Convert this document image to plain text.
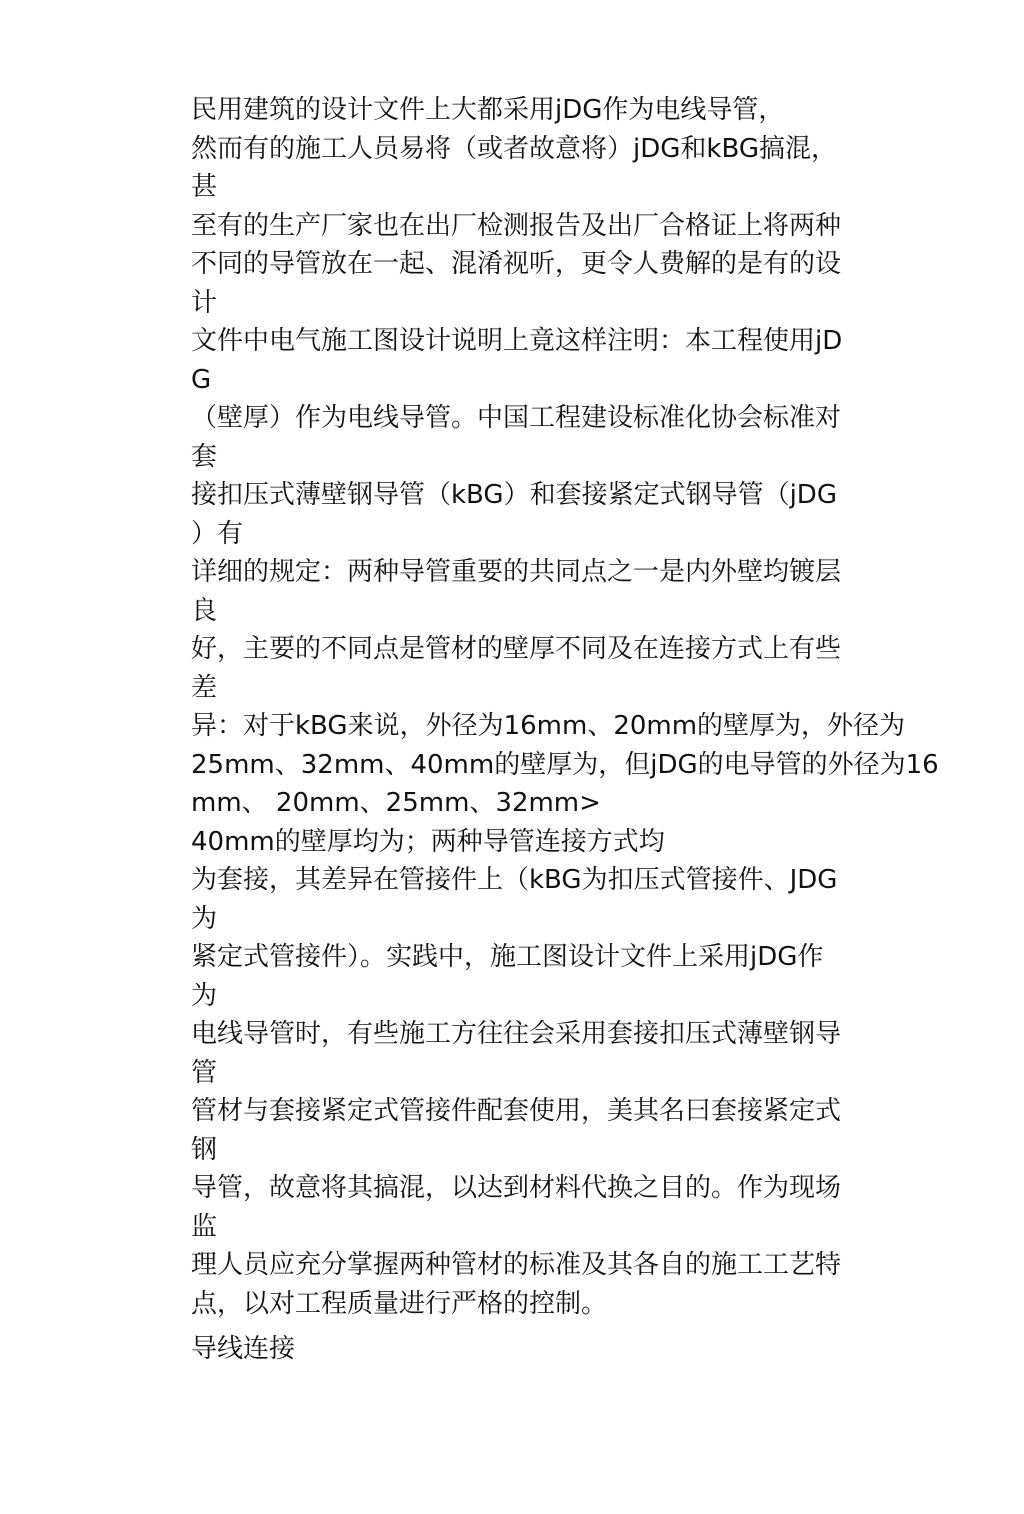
民用建筑的设计文件上大都采用jDG作为电线导管，
然而有的施工人员易将（或者故意将）jDG和kBG搞混，
甚
至有的生产厂家也在出厂检测报告及出厂合格证上将两种
不同的导管放在一起、混淆视听，更令人费解的是有的设
计
文件中电气施工图设计说明上竟这样注明：本工程使用jD
G
（壁厚）作为电线导管。中国工程建设标准化协会标准对
套
接扣压式薄壁钢导管（kBG）和套接紧定式钢导管（jDG
）有
详细的规定：两种导管重要的共同点之一是内外壁均镀层
良
好，主要的不同点是管材的壁厚不同及在连接方式上有些
差
异：对于kBG来说，外径为16mm、20mm的壁厚为，外径为
25mm、32mm、40mm的壁厚为，但jDG的电导管的外径为16
mm、 20mm、25mm、32mm>
40mm的壁厚均为；两种导管连接方式均
为套接，其差异在管接件上（kBG为扣压式管接件、JDG
为
紧定式管接件）。实践中，施工图设计文件上采用jDG作
为
电线导管时，有些施工方往往会采用套接扣压式薄壁钢导
管
管材与套接紧定式管接件配套使用，美其名曰套接紧定式
钢
导管，故意将其搞混，以达到材料代换之目的。作为现场
监
理人员应充分掌握两种管材的标准及其各自的施工工艺特
点，以对工程质量进行严格的控制。

导线连接
